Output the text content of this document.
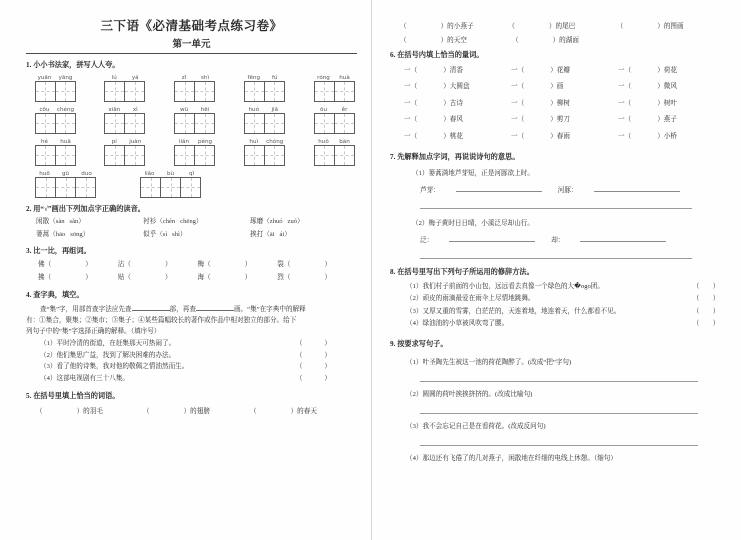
三下语《必清基础考点练习卷》
第一单元
1. 小小书法家，拼写人人夸。
yuān	yāng	lú	yá	zǐ	shì	fēng	fú	róng	huà
cōu	chéng	xiān	xì	wū	hēi	huó	jiā	ōu	ěr
hé	huā	pí	juàn	lián	péng	huì	chóng	huǒ	bàn
huō	gū	duo	liǎo	bù	qǐ
2. 用“√”画出下列加点字正确的读音。
闲散（sàn   sǎn）	衬衫（chèn   chēng）	琢磨（zhuó   zuó）
蒌蒿（hāo   sōng）	似乎（sì   shì）	挨打（āi   ái）
3. 比一比，再组词。
佛（	）	沾（	）	梅（	）	裂（	）
拂（	）	贴（	）	海（	）	烈（	）
4. 查字典，填空。
查“集”字，用部首查字法应先查	部，再查	画。“集”在字典中的解释
有：①集合，聚集；②集市；③集子；④某些篇幅较长的著作或作品中相对独立的部分。给下
列句子中的“集”字选择正确的解释。（填序号）
（1）平时冷清的街道，在赶集那天可热闹了。	（）
（2）他们集思广益，找到了解决困难的办法。	（）
（3）看了他的诗集，我对他的敬佩之情油然而生。	（）
（4）这部电视剧有三十八集。	（）
5. 在括号里填上恰当的词语。
（	）的羽毛	（	）的翅膀	（	）的春天
（	）的小燕子	（	）的尾巴	（	）的图画
（	）的天空	（	）的湖面
6. 在括号内填上恰当的量词。
一（	）清香	一（	）花瓣	一（	）荷花
一（	）大圆盘	一（	）画	一（	）微风
一（	）古诗	一（	）柳树	一（	）树叶
一（	）春风	一（	）剪刀	一（	）燕子
一（	）桃花	一（	）春雨	一（	）小桥
7. 先解释加点字词，再说说诗句的意思。
（1）蒌蒿满地芦芽短，正是河豚欲上时。
芦芽：	河豚：
（2）梅子黄时日日晴，小溪泛尽却山行。
泛：	却：
8. 在括号里写出下列句子所运用的修辞方法。
（1）我们村子前面的小山包，远远看去真像一个绿色的大�ogo团。	（	）
（2）顽皮的雨滴最爱在雨伞上尽情地跳舞。	（	）
（3）又厚又重的雪雾，白茫茫的，天连着地，地连着天，什么都看不见。	（	）
（4）绿油油的小草被风吹弯了腰。	（	）
9. 按要求写句子。
（1）叶圣陶先生被这一池的荷花陶醉了。(改成“把”字句)
（2）圆圆的荷叶挨挨挤挤的。(改成比喻句)
（3）我不会忘记自己是在看荷花。(改成反问句)
（4）那边还有飞倦了的几对燕子，闲散地在纤细的电线上休憩。（缩句）
